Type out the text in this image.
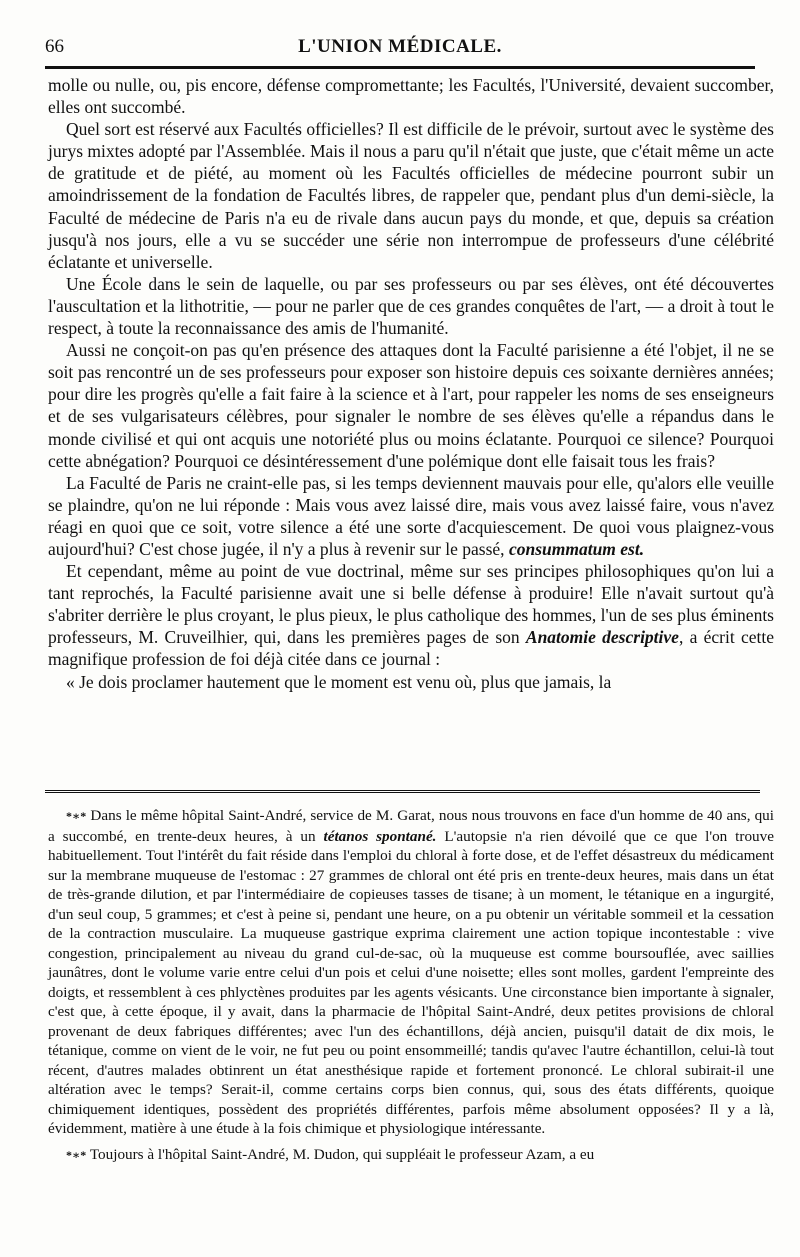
66	L'UNION MÉDICALE.

molle ou nulle, ou, pis encore, défense compromettante; les Facultés, l'Université, devaient succomber, elles ont succombé.

Quel sort est réservé aux Facultés officielles? Il est difficile de le prévoir, surtout avec le système des jurys mixtes adopté par l'Assemblée. Mais il nous a paru qu'il n'était que juste, que c'était même un acte de gratitude et de piété, au moment où les Facultés officielles de médecine pourront subir un amoindrissement de la fondation de Facultés libres, de rappeler que, pendant plus d'un demi-siècle, la Faculté de médecine de Paris n'a eu de rivale dans aucun pays du monde, et que, depuis sa création jusqu'à nos jours, elle a vu se succéder une série non interrompue de professeurs d'une célébrité éclatante et universelle.

Une École dans le sein de laquelle, ou par ses professeurs ou par ses élèves, ont été découvertes l'auscultation et la lithotritie, — pour ne parler que de ces grandes conquêtes de l'art, — a droit à tout le respect, à toute la reconnaissance des amis de l'humanité.

Aussi ne conçoit-on pas qu'en présence des attaques dont la Faculté parisienne a été l'objet, il ne se soit pas rencontré un de ses professeurs pour exposer son histoire depuis ces soixante dernières années; pour dire les progrès qu'elle a fait faire à la science et à l'art, pour rappeler les noms de ses enseigneurs et de ses vulgarisateurs célèbres, pour signaler le nombre de ses élèves qu'elle a répandus dans le monde civilisé et qui ont acquis une notoriété plus ou moins éclatante. Pourquoi ce silence? Pourquoi cette abnégation? Pourquoi ce désintéressement d'une polémique dont elle faisait tous les frais?

La Faculté de Paris ne craint-elle pas, si les temps deviennent mauvais pour elle, qu'alors elle veuille se plaindre, qu'on ne lui réponde : Mais vous avez laissé dire, mais vous avez laissé faire, vous n'avez réagi en quoi que ce soit, votre silence a été une sorte d'acquiescement. De quoi vous plaignez-vous aujourd'hui? C'est chose jugée, il n'y a plus à revenir sur le passé, consummatum est.

Et cependant, même au point de vue doctrinal, même sur ses principes philosophiques qu'on lui a tant reprochés, la Faculté parisienne avait une si belle défense à produire! Elle n'avait surtout qu'à s'abriter derrière le plus croyant, le plus pieux, le plus catholique des hommes, l'un de ses plus éminents professeurs, M. Cruveilhier, qui, dans les premières pages de son Anatomie descriptive, a écrit cette magnifique profession de foi déjà citée dans ce journal :

« Je dois proclamer hautement que le moment est venu où, plus que jamais, la

*∗* Dans le même hôpital Saint-André, service de M. Garat, nous nous trouvons en face d'un homme de 40 ans, qui a succombé, en trente-deux heures, à un tétanos spontané. L'autopsie n'a rien dévoilé que ce que l'on trouve habituellement. Tout l'intérêt du fait réside dans l'emploi du chloral à forte dose, et de l'effet désastreux du médicament sur la membrane muqueuse de l'estomac : 27 grammes de chloral ont été pris en trente-deux heures, mais dans un état de très-grande dilution, et par l'intermédiaire de copieuses tasses de tisane; à un moment, le tétanique en a ingurgité, d'un seul coup, 5 grammes; et c'est à peine si, pendant une heure, on a pu obtenir un véritable sommeil et la cessation de la contraction musculaire. La muqueuse gastrique exprima clairement une action topique incontestable : vive congestion, principalement au niveau du grand cul-de-sac, où la muqueuse est comme boursouflée, avec saillies jaunâtres, dont le volume varie entre celui d'un pois et celui d'une noisette; elles sont molles, gardent l'empreinte des doigts, et ressemblent à ces phlyctènes produites par les agents vésicants. Une circonstance bien importante à signaler, c'est que, à cette époque, il y avait, dans la pharmacie de l'hôpital Saint-André, deux petites provisions de chloral provenant de deux fabriques différentes; avec l'un des échantillons, déjà ancien, puisqu'il datait de dix mois, le tétanique, comme on vient de le voir, ne fut peu ou point ensommeillé; tandis qu'avec l'autre échantillon, celui-là tout récent, d'autres malades obtinrent un état anesthésique rapide et fortement prononcé. Le chloral subirait-il une altération avec le temps? Serait-il, comme certains corps bien connus, qui, sous des états différents, quoique chimiquement identiques, possèdent des propriétés différentes, parfois même absolument opposées? Il y a là, évidemment, matière à une étude à la fois chimique et physiologique intéressante.

*∗* Toujours à l'hôpital Saint-André, M. Dudon, qui suppléait le professeur Azam, a eu
